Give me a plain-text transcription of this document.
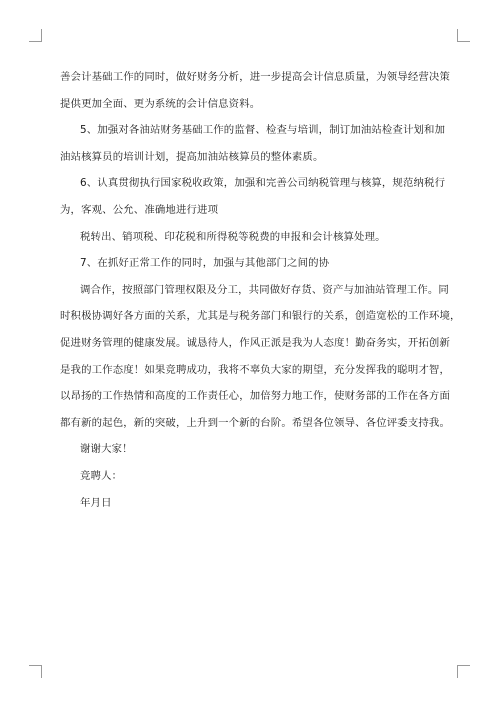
善会计基础工作的同时，做好财务分析，进一步提高会计信息质量，为领导经营决策
提供更加全面、更为系统的会计信息资料。
5、加强对各油站财务基础工作的监督、检查与培训，制订加油站检查计划和加
油站核算员的培训计划，提高加油站核算员的整体素质。
6、认真贯彻执行国家税收政策，加强和完善公司纳税管理与核算，规范纳税行
为，客观、公允、准确地进行进项
税转出、销项税、印花税和所得税等税费的申报和会计核算处理。
7、在抓好正常工作的同时，加强与其他部门之间的协
调合作，按照部门管理权限及分工，共同做好存货、资产与加油站管理工作。同
时积极协调好各方面的关系，尤其是与税务部门和银行的关系，创造宽松的工作环境，
促进财务管理的健康发展。诚恳待人，作风正派是我为人态度！勤奋务实，开拓创新
是我的工作态度！如果竞聘成功，我将不辜负大家的期望，充分发挥我的聪明才智，
以昂扬的工作热情和高度的工作责任心，加倍努力地工作，使财务部的工作在各方面
都有新的起色，新的突破，上升到一个新的台阶。希望各位领导、各位评委支持我。
谢谢大家！
竞聘人：
年月日
